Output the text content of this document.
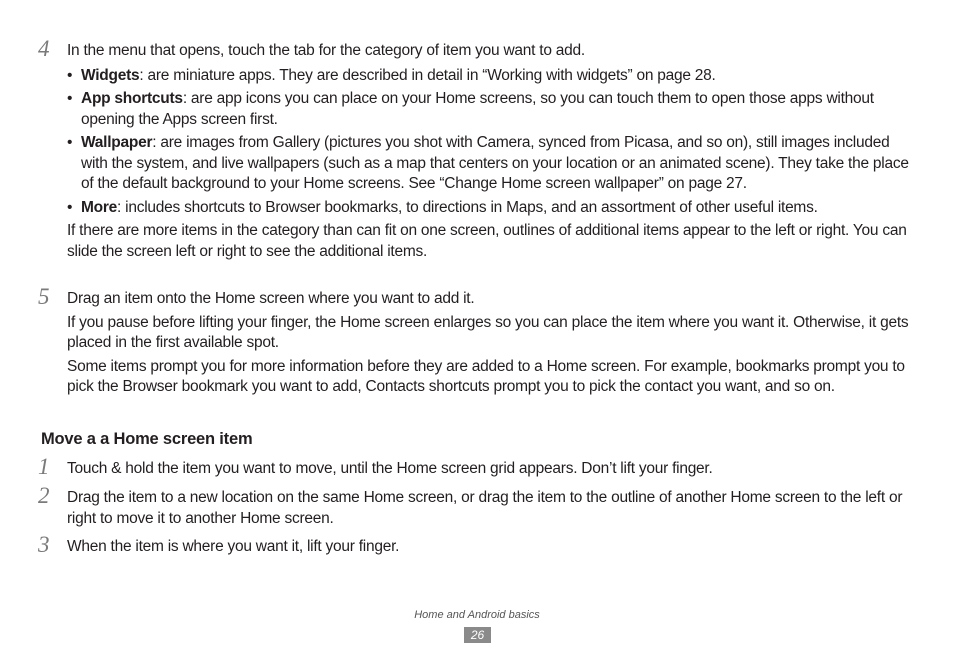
4 In the menu that opens, touch the tab for the category of item you want to add.

• Widgets: are miniature apps. They are described in detail in “Working with widgets” on page 28.

• App shortcuts: are app icons you can place on your Home screens, so you can touch them to open those apps without opening the Apps screen first.

• Wallpaper: are images from Gallery (pictures you shot with Camera, synced from Picasa, and so on), still images included with the system, and live wallpapers (such as a map that centers on your location or an animated scene). They take the place of the default background to your Home screens. See “Change Home screen wallpaper” on page 27.

• More: includes shortcuts to Browser bookmarks, to directions in Maps, and an assortment of other useful items.

If there are more items in the category than can fit on one screen, outlines of additional items appear to the left or right. You can slide the screen left or right to see the additional items.

5 Drag an item onto the Home screen where you want to add it.

If you pause before lifting your finger, the Home screen enlarges so you can place the item where you want it. Otherwise, it gets placed in the first available spot.

Some items prompt you for more information before they are added to a Home screen. For example, bookmarks prompt you to pick the Browser bookmark you want to add, Contacts shortcuts prompt you to pick the contact you want, and so on.

Move a a Home screen item
1 Touch & hold the item you want to move, until the Home screen grid appears. Don’t lift your finger.
2 Drag the item to a new location on the same Home screen, or drag the item to the outline of another Home screen to the left or right to move it to another Home screen.
3 When the item is where you want it, lift your finger.
Home and Android basics
26
